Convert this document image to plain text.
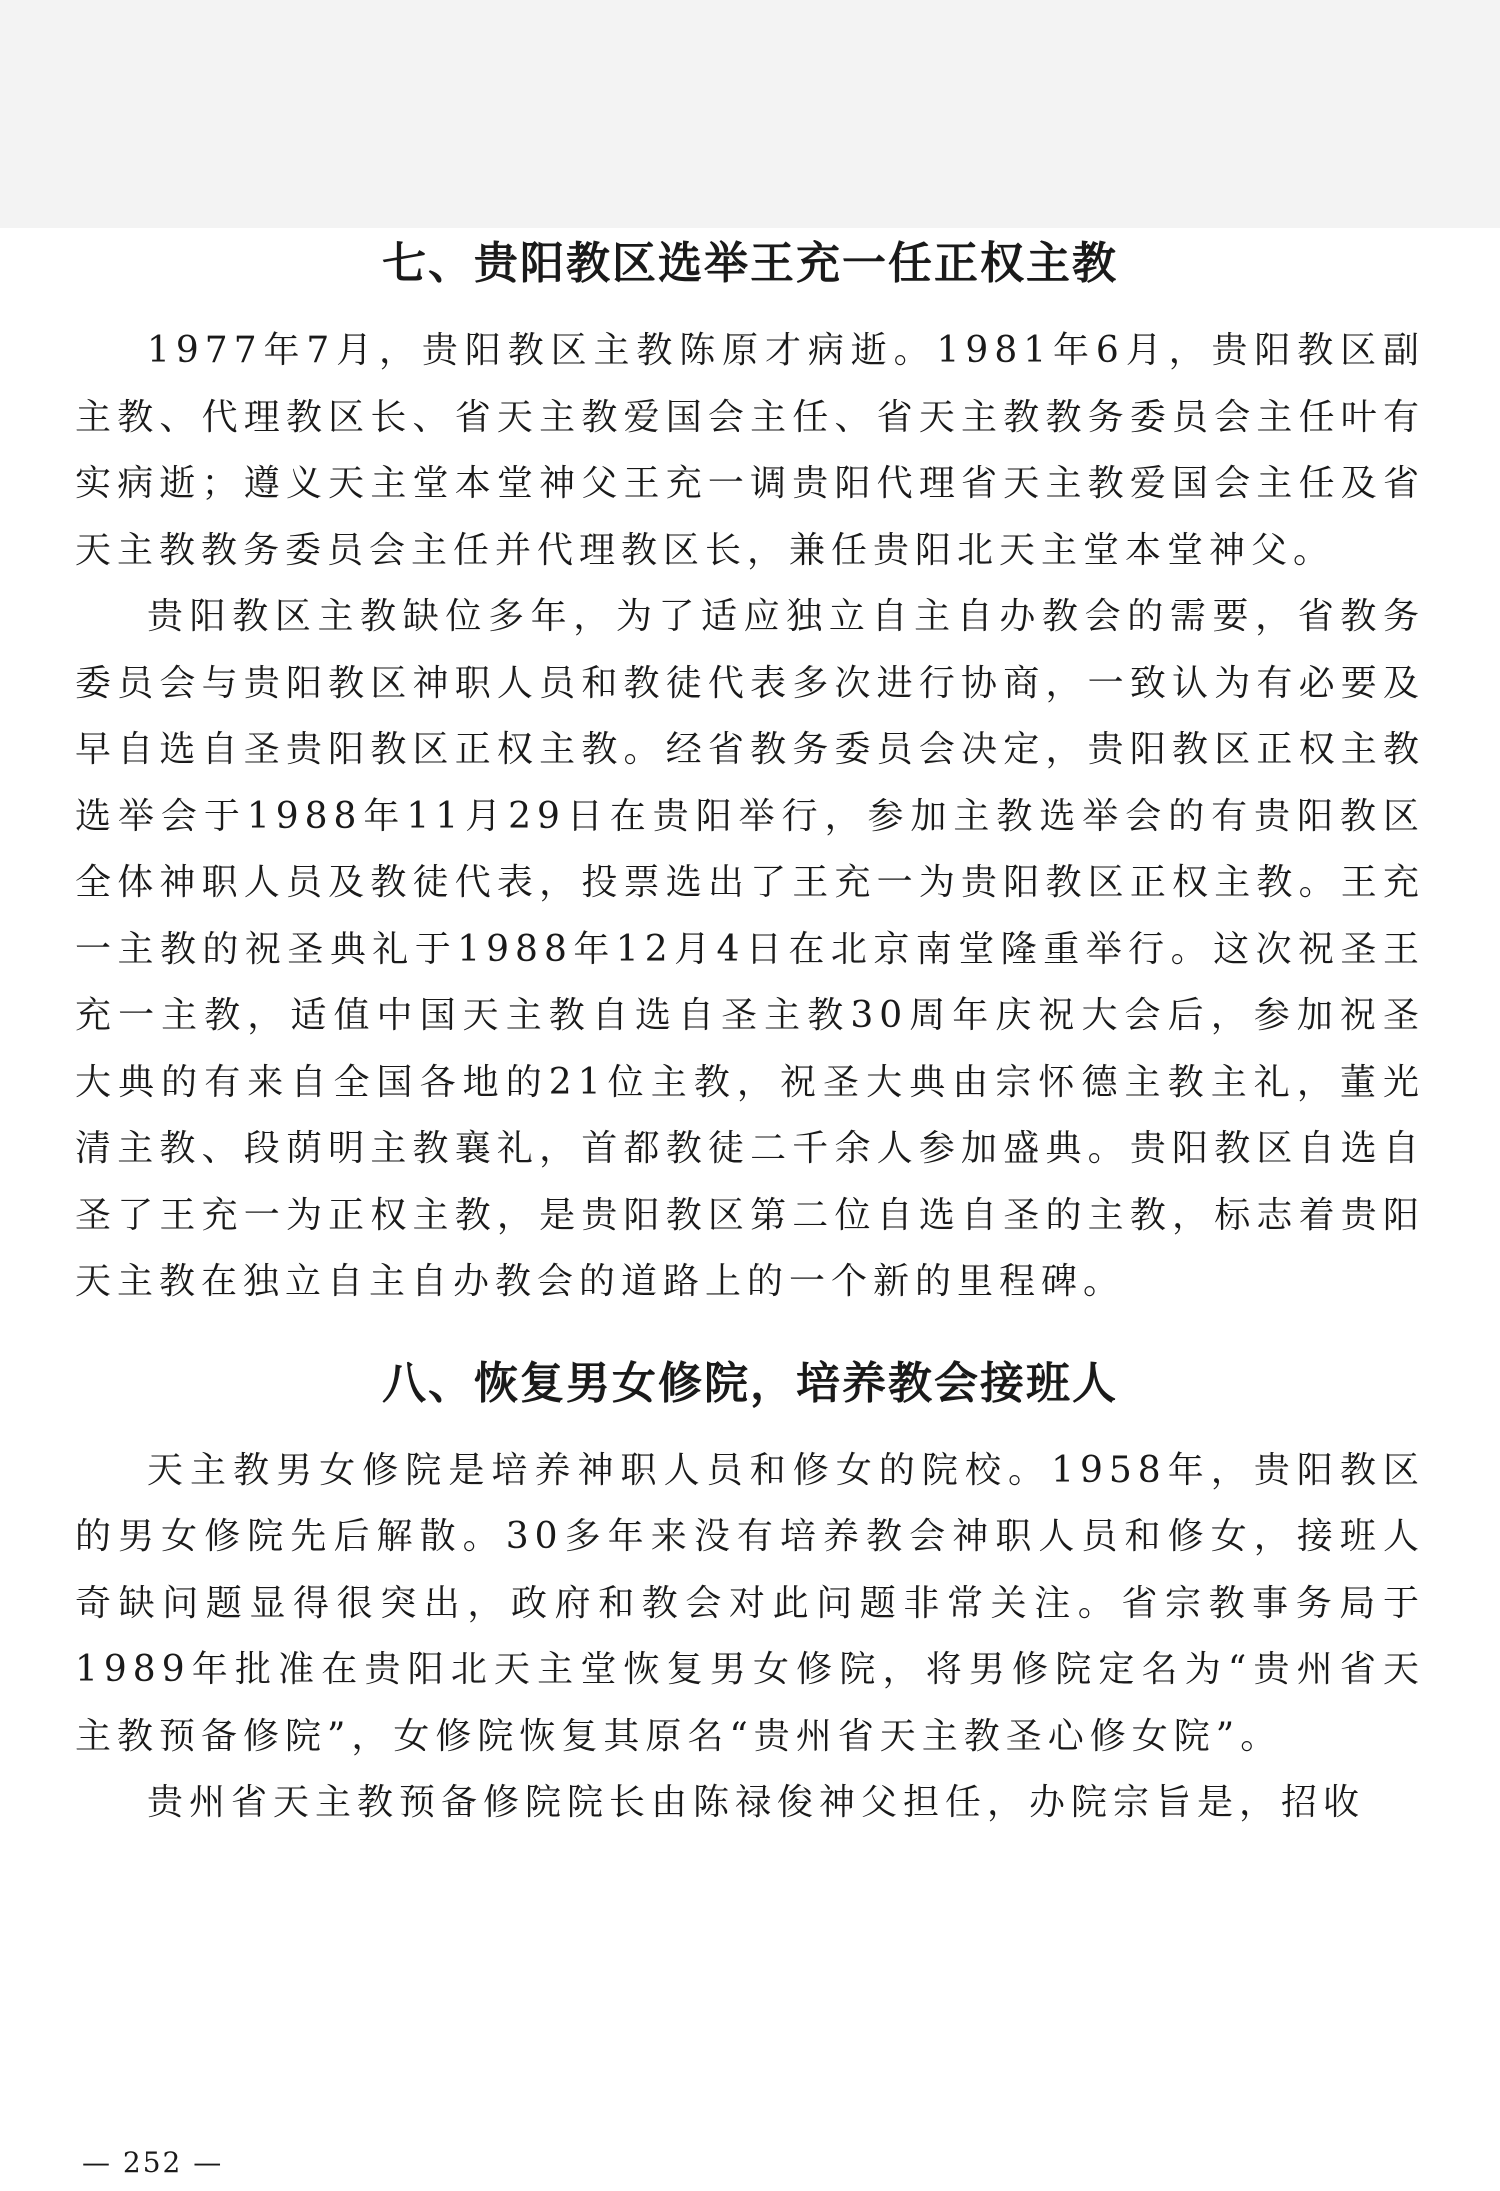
七、贵阳教区选举王充一任正权主教

1977年7月，贵阳教区主教陈原才病逝。1981年6月，贵阳教区副主教、代理教区长、省天主教爱国会主任、省天主教教务委员会主任叶有实病逝；遵义天主堂本堂神父王充一调贵阳代理省天主教爱国会主任及省天主教教务委员会主任并代理教区长，兼任贵阳北天主堂本堂神父。

贵阳教区主教缺位多年，为了适应独立自主自办教会的需要，省教务委员会与贵阳教区神职人员和教徒代表多次进行协商，一致认为有必要及早自选自圣贵阳教区正权主教。经省教务委员会决定，贵阳教区正权主教选举会于1988年11月29日在贵阳举行，参加主教选举会的有贵阳教区全体神职人员及教徒代表，投票选出了王充一为贵阳教区正权主教。王充一主教的祝圣典礼于1988年12月4日在北京南堂隆重举行。这次祝圣王充一主教，适值中国天主教自选自圣主教30周年庆祝大会后，参加祝圣大典的有来自全国各地的21位主教，祝圣大典由宗怀德主教主礼，董光清主教、段荫明主教襄礼，首都教徒二千余人参加盛典。贵阳教区自选自圣了王充一为正权主教，是贵阳教区第二位自选自圣的主教，标志着贵阳天主教在独立自主自办教会的道路上的一个新的里程碑。

八、恢复男女修院，培养教会接班人

天主教男女修院是培养神职人员和修女的院校。1958年，贵阳教区的男女修院先后解散。30多年来没有培养教会神职人员和修女，接班人奇缺问题显得很突出，政府和教会对此问题非常关注。省宗教事务局于1989年批准在贵阳北天主堂恢复男女修院，将男修院定名为“贵州省天主教预备修院”，女修院恢复其原名“贵州省天主教圣心修女院”。

贵州省天主教预备修院院长由陈禄俊神父担任，办院宗旨是，招收

— 252 —
